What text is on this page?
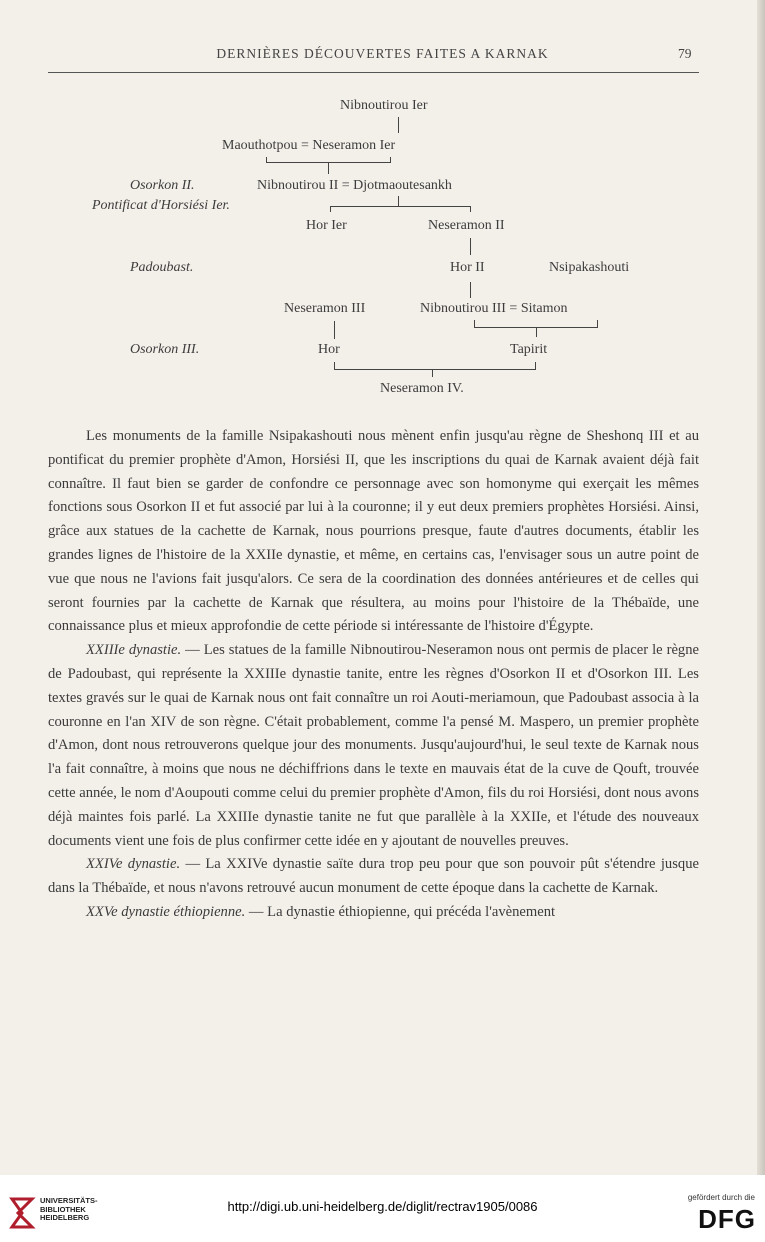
DERNIÈRES DÉCOUVERTES FAITES A KARNAK	79
Nibnoutirou Ier
Maouthotpou = Neseramon Ier
Osorkon II.	Nibnoutirou II = Djotmaoutesankh
Pontificat d'Horsiési Ier.
Hor Ier	Neseramon II
Padoubast.	Hor II	Nsipakashouti
Neseramon III	Nibnoutirou III = Sitamon
Osorkon III.	Hor	Tapirit
Neseramon IV.

Les monuments de la famille Nsipakashouti nous mènent enfin jusqu'au règne de Sheshonq III et au pontificat du premier prophète d'Amon, Horsiési II, que les inscriptions du quai de Karnak avaient déjà fait connaître. Il faut bien se garder de confondre ce personnage avec son homonyme qui exerçait les mêmes fonctions sous Osorkon II et fut associé par lui à la couronne; il y eut deux premiers prophètes Horsiési. Ainsi, grâce aux statues de la cachette de Karnak, nous pourrions presque, faute d'autres documents, établir les grandes lignes de l'histoire de la XXIIe dynastie, et même, en certains cas, l'envisager sous un autre point de vue que nous ne l'avions fait jusqu'alors. Ce sera de la coordination des données antérieures et de celles qui seront fournies par la cachette de Karnak que résultera, au moins pour l'histoire de la Thébaïde, une connaissance plus et mieux approfondie de cette période si intéressante de l'histoire d'Égypte.

XXIIIe dynastie. — Les statues de la famille Nibnoutirou-Neseramon nous ont permis de placer le règne de Padoubast, qui représente la XXIIIe dynastie tanite, entre les règnes d'Osorkon II et d'Osorkon III. Les textes gravés sur le quai de Karnak nous ont fait connaître un roi Aouti-meriamoun, que Padoubast associa à la couronne en l'an XIV de son règne. C'était probablement, comme l'a pensé M. Maspero, un premier prophète d'Amon, dont nous retrouverons quelque jour des monuments. Jusqu'aujourd'hui, le seul texte de Karnak nous l'a fait connaître, à moins que nous ne déchiffrions dans le texte en mauvais état de la cuve de Qouft, trouvée cette année, le nom d'Aoupouti comme celui du premier prophète d'Amon, fils du roi Horsiési, dont nous avons déjà maintes fois parlé. La XXIIIe dynastie tanite ne fut que parallèle à la XXIIe, et l'étude des nouveaux documents vient une fois de plus confirmer cette idée en y ajoutant de nouvelles preuves.

XXIVe dynastie. — La XXIVe dynastie saïte dura trop peu pour que son pouvoir pût s'étendre jusque dans la Thébaïde, et nous n'avons retrouvé aucun monument de cette époque dans la cachette de Karnak.

XXVe dynastie éthiopienne. — La dynastie éthiopienne, qui précéda l'avènement

UNIVERSITÄTS-
BIBLIOTHEK
HEIDELBERG
http://digi.ub.uni-heidelberg.de/diglit/rectrav1905/0086
gefördert durch die
DFG
